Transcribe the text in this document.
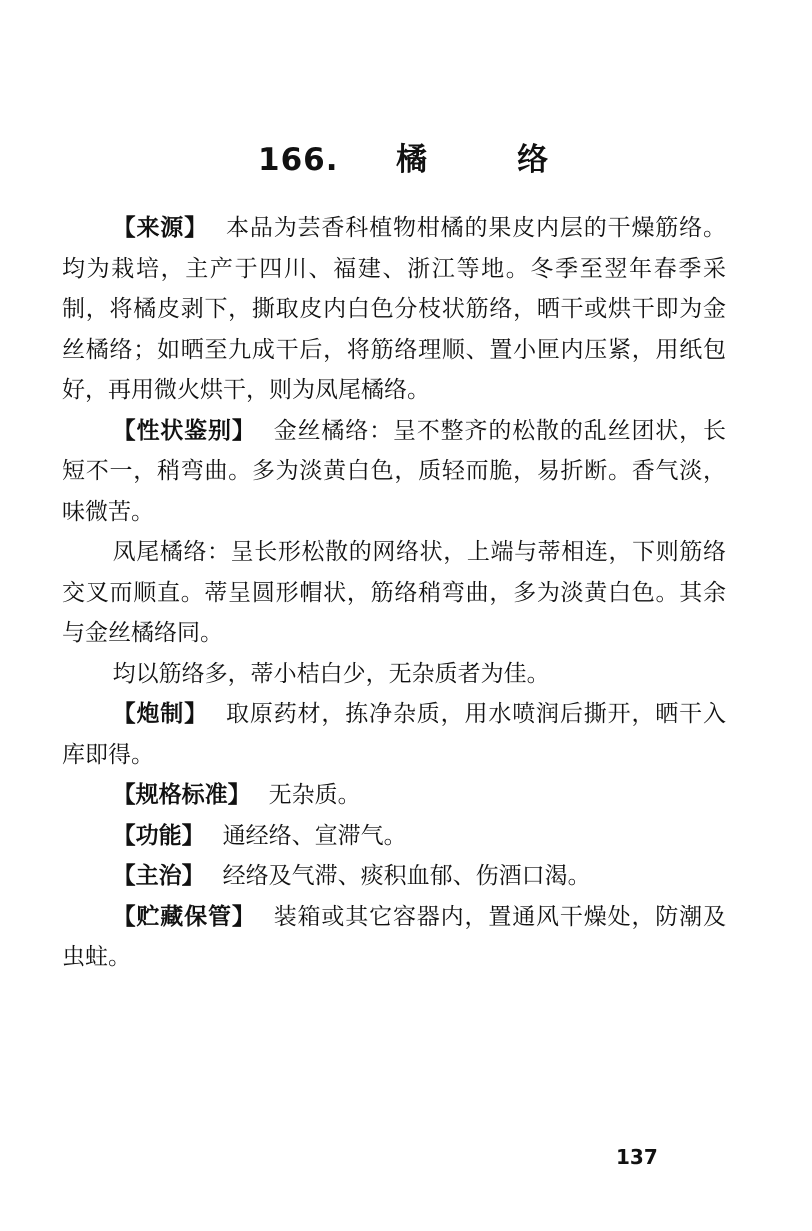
166. 橘络

【来源】 本品为芸香科植物柑橘的果皮内层的干燥筋络。均为栽培，主产于四川、福建、浙江等地。冬季至翌年春季采制，将橘皮剥下，撕取皮内白色分枝状筋络，晒干或烘干即为金丝橘络；如晒至九成干后，将筋络理顺、置小匣内压紧，用纸包好，再用微火烘干，则为凤尾橘络。

【性状鉴别】 金丝橘络：呈不整齐的松散的乱丝团状，长短不一，稍弯曲。多为淡黄白色，质轻而脆，易折断。香气淡，味微苦。

凤尾橘络：呈长形松散的网络状，上端与蒂相连，下则筋络交叉而顺直。蒂呈圆形帽状，筋络稍弯曲，多为淡黄白色。其余与金丝橘络同。

均以筋络多，蒂小桔白少，无杂质者为佳。

【炮制】 取原药材，拣净杂质，用水喷润后撕开，晒干入库即得。

【规格标准】 无杂质。

【功能】 通经络、宣滞气。

【主治】 经络及气滞、痰积血郁、伤酒口渴。

【贮藏保管】 装箱或其它容器内，置通风干燥处，防潮及虫蛀。

137
